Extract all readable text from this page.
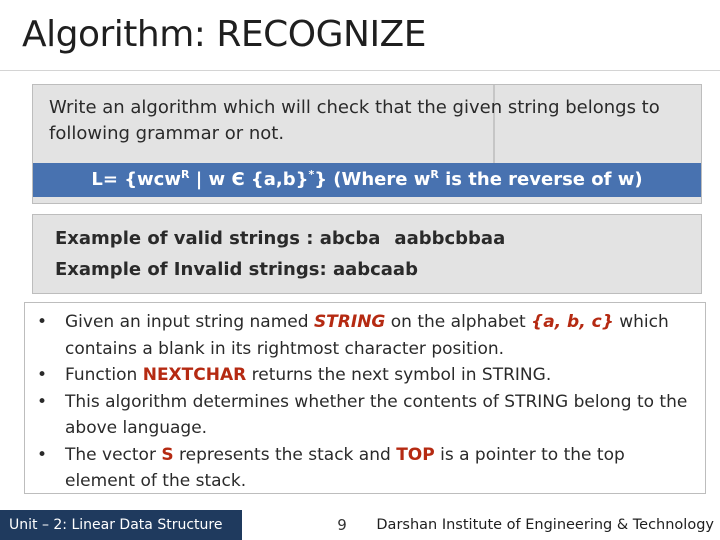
Algorithm: RECOGNIZE
Write an algorithm which will check that the given string belongs to following grammar or not.
L= {wcw$^R$ | w Є {a,b}*} (Where $w^R$ is the reverse of w)
Example of valid strings : abcba aabbcbbaa
Example of Invalid strings: aabcaab
• Given an input string named STRING on the alphabet {a, b, c} which contains a blank in its rightmost character position.
• Function NEXTCHAR returns the next symbol in STRING.
• This algorithm determines whether the contents of STRING belong to the above language.
• The vector S represents the stack and TOP is a pointer to the top element of the stack.
Unit – 2: Linear Data Structure	9 Darshan Institute of Engineering & Technology
